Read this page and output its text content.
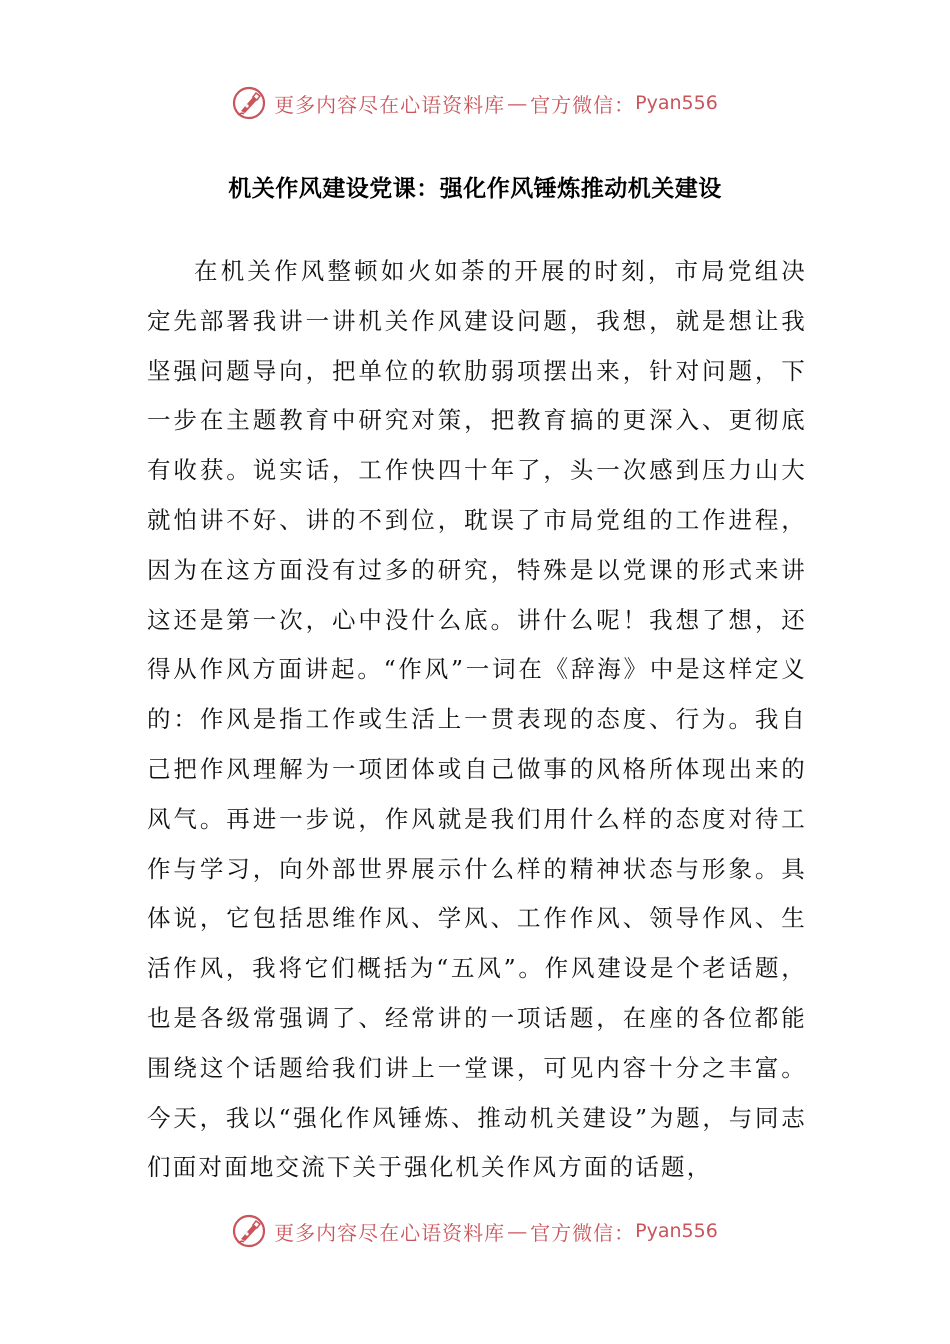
更多内容尽在心语资料库 — 官方微信： Pyan556
机关作风建设党课：强化作风锤炼推动机关建设

在机关作风整顿如火如荼的开展的时刻，市局党组决定先部署我讲一讲机关作风建设问题，我想，就是想让我坚强问题导向，把单位的软肋弱项摆出来，针对问题，下一步在主题教育中研究对策，把教育搞的更深入、更彻底有收获。说实话，工作快四十年了，头一次感到压力山大就怕讲不好、讲的不到位，耽误了市局党组的工作进程，因为在这方面没有过多的研究，特殊是以党课的形式来讲这还是第一次，心中没什么底。讲什么呢！我想了想，还得从作风方面讲起。“作风”一词在《辞海》中是这样定义的：作风是指工作或生活上一贯表现的态度、行为。我自己把作风理解为一项团体或自己做事的风格所体现出来的风气。再进一步说，作风就是我们用什么样的态度对待工作与学习，向外部世界展示什么样的精神状态与形象。具体说，它包括思维作风、学风、工作作风、领导作风、生活作风，我将它们概括为“五风”。作风建设是个老话题，也是各级常强调了、经常讲的一项话题，在座的各位都能围绕这个话题给我们讲上一堂课，可见内容十分之丰富。今天，我以“强化作风锤炼、推动机关建设”为题，与同志们面对面地交流下关于强化机关作风方面的话题，

更多内容尽在心语资料库 — 官方微信： Pyan556
